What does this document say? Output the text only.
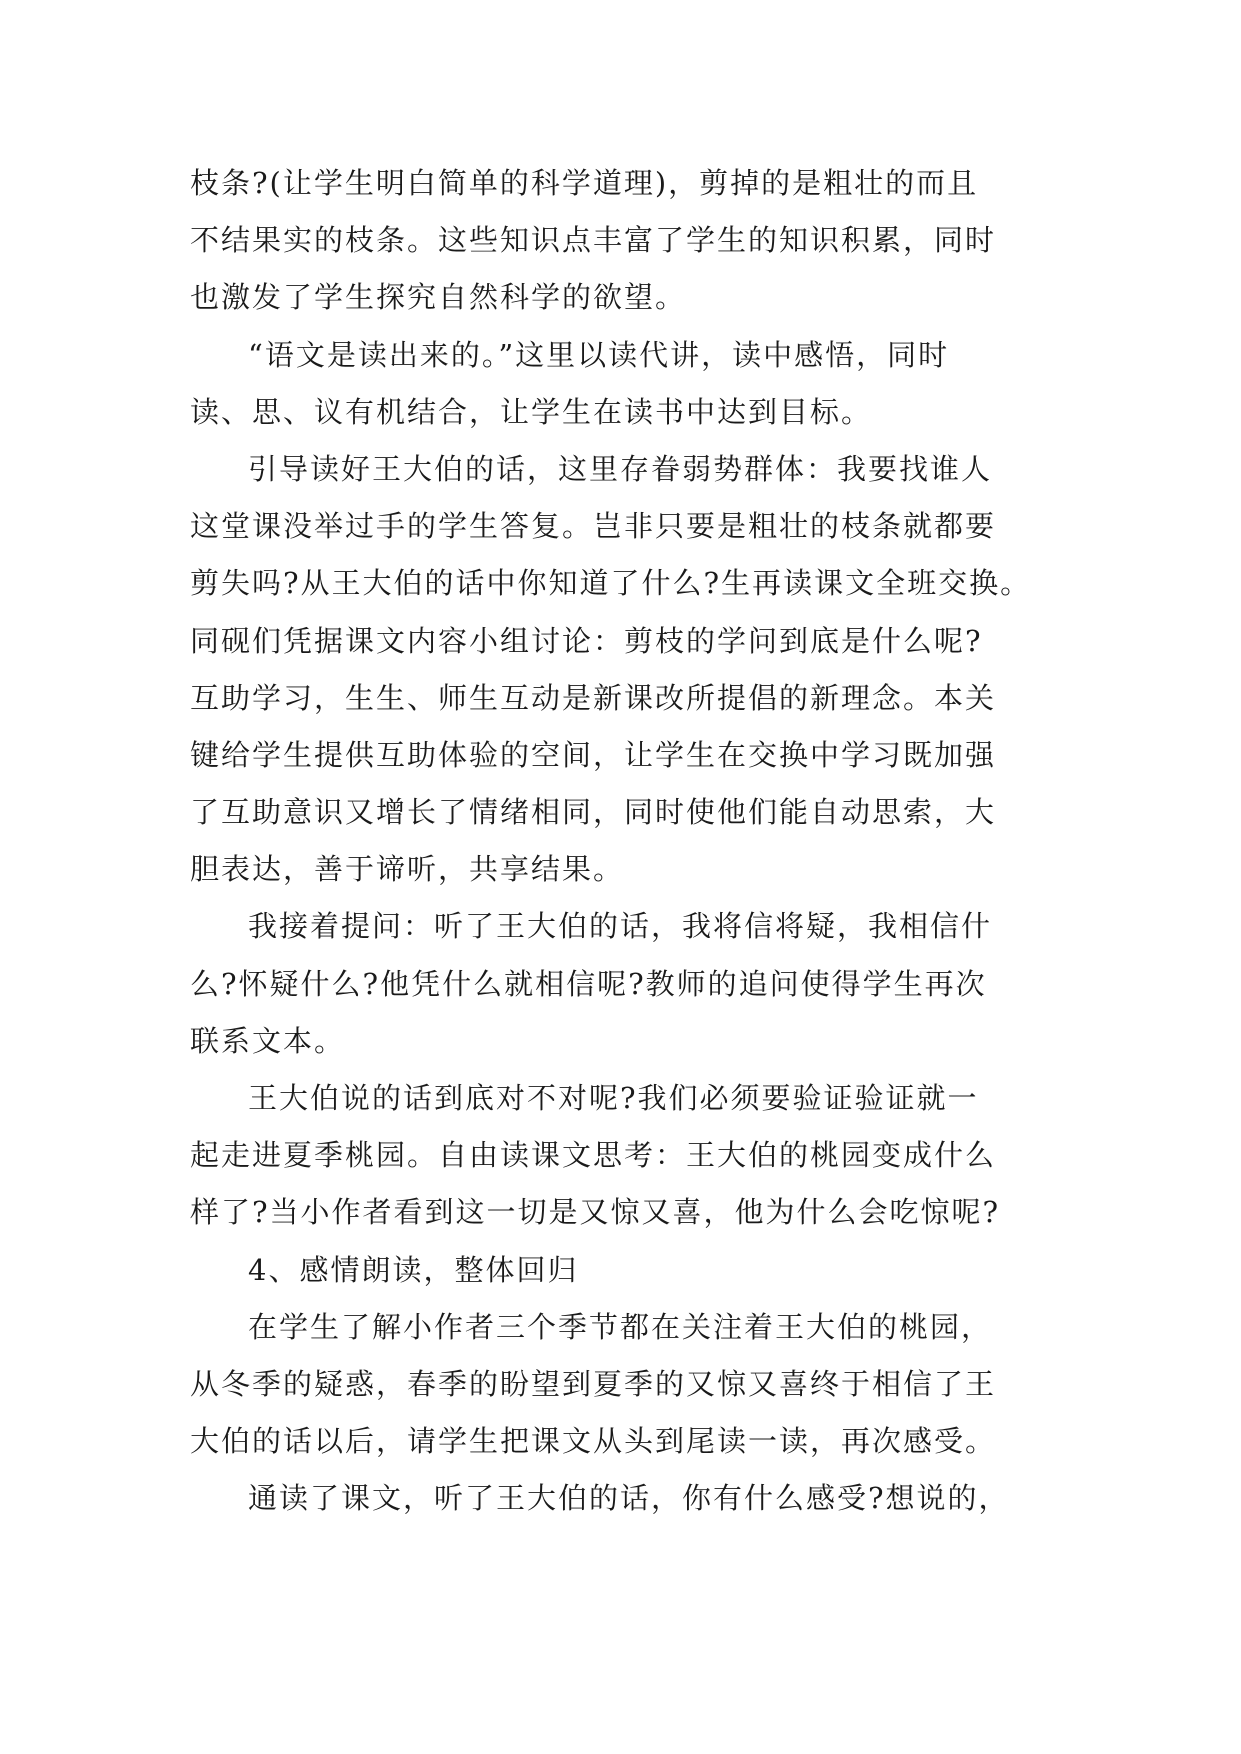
枝条?(让学生明白简单的科学道理)，剪掉的是粗壮的而且
不结果实的枝条。这些知识点丰富了学生的知识积累，同时
也激发了学生探究自然科学的欲望。
“语文是读出来的。”这里以读代讲，读中感悟，同时
读、思、议有机结合，让学生在读书中达到目标。
引导读好王大伯的话，这里存眷弱势群体：我要找谁人
这堂课没举过手的学生答复。岂非只要是粗壮的枝条就都要
剪失吗?从王大伯的话中你知道了什么?生再读课文全班交换。
同砚们凭据课文内容小组讨论：剪枝的学问到底是什么呢?
互助学习，生生、师生互动是新课改所提倡的新理念。本关
键给学生提供互助体验的空间，让学生在交换中学习既加强
了互助意识又增长了情绪相同，同时使他们能自动思索，大
胆表达，善于谛听，共享结果。
我接着提问：听了王大伯的话，我将信将疑，我相信什
么?怀疑什么?他凭什么就相信呢?教师的追问使得学生再次
联系文本。
王大伯说的话到底对不对呢?我们必须要验证验证就一
起走进夏季桃园。自由读课文思考：王大伯的桃园变成什么
样了?当小作者看到这一切是又惊又喜，他为什么会吃惊呢?
4、感情朗读，整体回归
在学生了解小作者三个季节都在关注着王大伯的桃园，
从冬季的疑惑，春季的盼望到夏季的又惊又喜终于相信了王
大伯的话以后，请学生把课文从头到尾读一读，再次感受。
通读了课文，听了王大伯的话，你有什么感受?想说的，
